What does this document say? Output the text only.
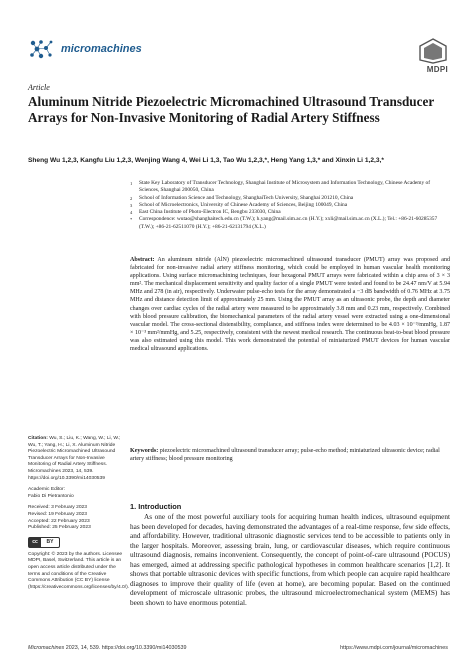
micromachines
MDPI
Article
Aluminum Nitride Piezoelectric Micromachined Ultrasound Transducer Arrays for Non-Invasive Monitoring of Radial Artery Stiffness
Sheng Wu 1,2,3, Kangfu Liu 1,2,3, Wenjing Wang 4, Wei Li 1,3, Tao Wu 1,2,3,*, Heng Yang 1,3,* and Xinxin Li 1,2,3,*
1	State Key Laboratory of Transducer Technology, Shanghai Institute of Microsystem and Information Technology, Chinese Academy of Sciences, Shanghai 200050, China
2	School of Information Science and Technology, ShanghaiTech University, Shanghai 201210, China
3	School of Microelectronics, University of Chinese Academy of Sciences, Beijing 100049, China
4	East China Institute of Photo-Electron IC, Bengbu 233030, China
*	Correspondence: wutao@shanghaitech.edu.cn (T.W.); h.yang@mail.sim.ac.cn (H.Y.); xxli@mail.sim.ac.cn (X.L.); Tel.: +86-21-60285357 (T.W.); +86-21-62511070 (H.Y.); +86-21-62131794 (X.L.)
Abstract: An aluminum nitride (AlN) piezoelectric micromachined ultrasound transducer (PMUT) array was proposed and fabricated for non-invasive radial artery stiffness monitoring, which could be employed in human vascular health monitoring applications. Using surface micromachining techniques, four hexagonal PMUT arrays were fabricated within a chip area of 3 × 3 mm². The mechanical displacement sensitivity and quality factor of a single PMUT were tested and found to be 24.47 nm/V at 5.94 MHz and 278 (in air), respectively. Underwater pulse-echo tests for the array demonstrated a −3 dB bandwidth of 0.76 MHz at 3.75 MHz and distance detection limit of approximately 25 mm. Using the PMUT array as an ultrasonic probe, the depth and diameter changes over cardiac cycles of the radial artery were measured to be approximately 3.8 mm and 0.23 mm, respectively. Combined with blood pressure calibration, the biomechanical parameters of the radial artery vessel were extracted using a one-dimensional vascular model. The cross-sectional distensibility, compliance, and stiffness index were determined to be 4.03 × 10⁻³/mmHg, 1.87 × 10⁻³ mm²/mmHg, and 5.25, respectively, consistent with the newest medical research. The continuous beat-to-beat blood pressure was also estimated using this model. This work demonstrated the potential of miniaturized PMUT devices for human vascular medical ultrasound applications.
Keywords: piezoelectric micromachined ultrasound transducer array; pulse-echo method; miniaturized ultrasonic device; radial artery stiffness; blood pressure monitoring
Citation: Wu, S.; Liu, K.; Wang, W.; Li, W.; Wu, T.; Yang, H.; Li, X. Aluminum Nitride Piezoelectric Micromachined Ultrasound Transducer Arrays for Non-Invasive Monitoring of Radial Artery Stiffness. Micromachines 2023, 14, 539. https://doi.org/10.3390/mi14030539
Academic Editor:
Fabio Di Pietrantonio
Received: 3 February 2023
Revised: 19 February 2023
Accepted: 22 February 2023
Published: 25 February 2023
cc	BY
Copyright: © 2023 by the authors. Licensee MDPI, Basel, Switzerland. This article is an open access article distributed under the terms and conditions of the Creative Commons Attribution (CC BY) license (https://creativecommons.org/licenses/by/4.0/).
1. Introduction

As one of the most powerful auxiliary tools for acquiring human health indices, ultrasound equipment has been developed for decades, having demonstrated the advantages of a real-time response, few side effects, and affordability. However, traditional ultrasonic diagnostic services tend to be accessible to patients only in the larger hospitals. Moreover, assessing brain, lung, or cardiovascular diseases, which require continuous ultrasound diagnosis, remains inconvenient. Consequently, the concept of point-of-care ultrasound (POCUS) has emerged, aimed at addressing specific pathological hypotheses in common healthcare scenarios [1,2]. It shows that portable ultrasonic devices with specific functions, from which people can acquire rapid healthcare diagnoses to improve their quality of life (even at home), are becoming popular. Based on the continued development of microscale ultrasonic probes, the ultrasound microelectromechanical system (MEMS) has been shown to have enormous potential.

Micromachines 2023, 14, 539. https://doi.org/10.3390/mi14030539	https://www.mdpi.com/journal/micromachines
